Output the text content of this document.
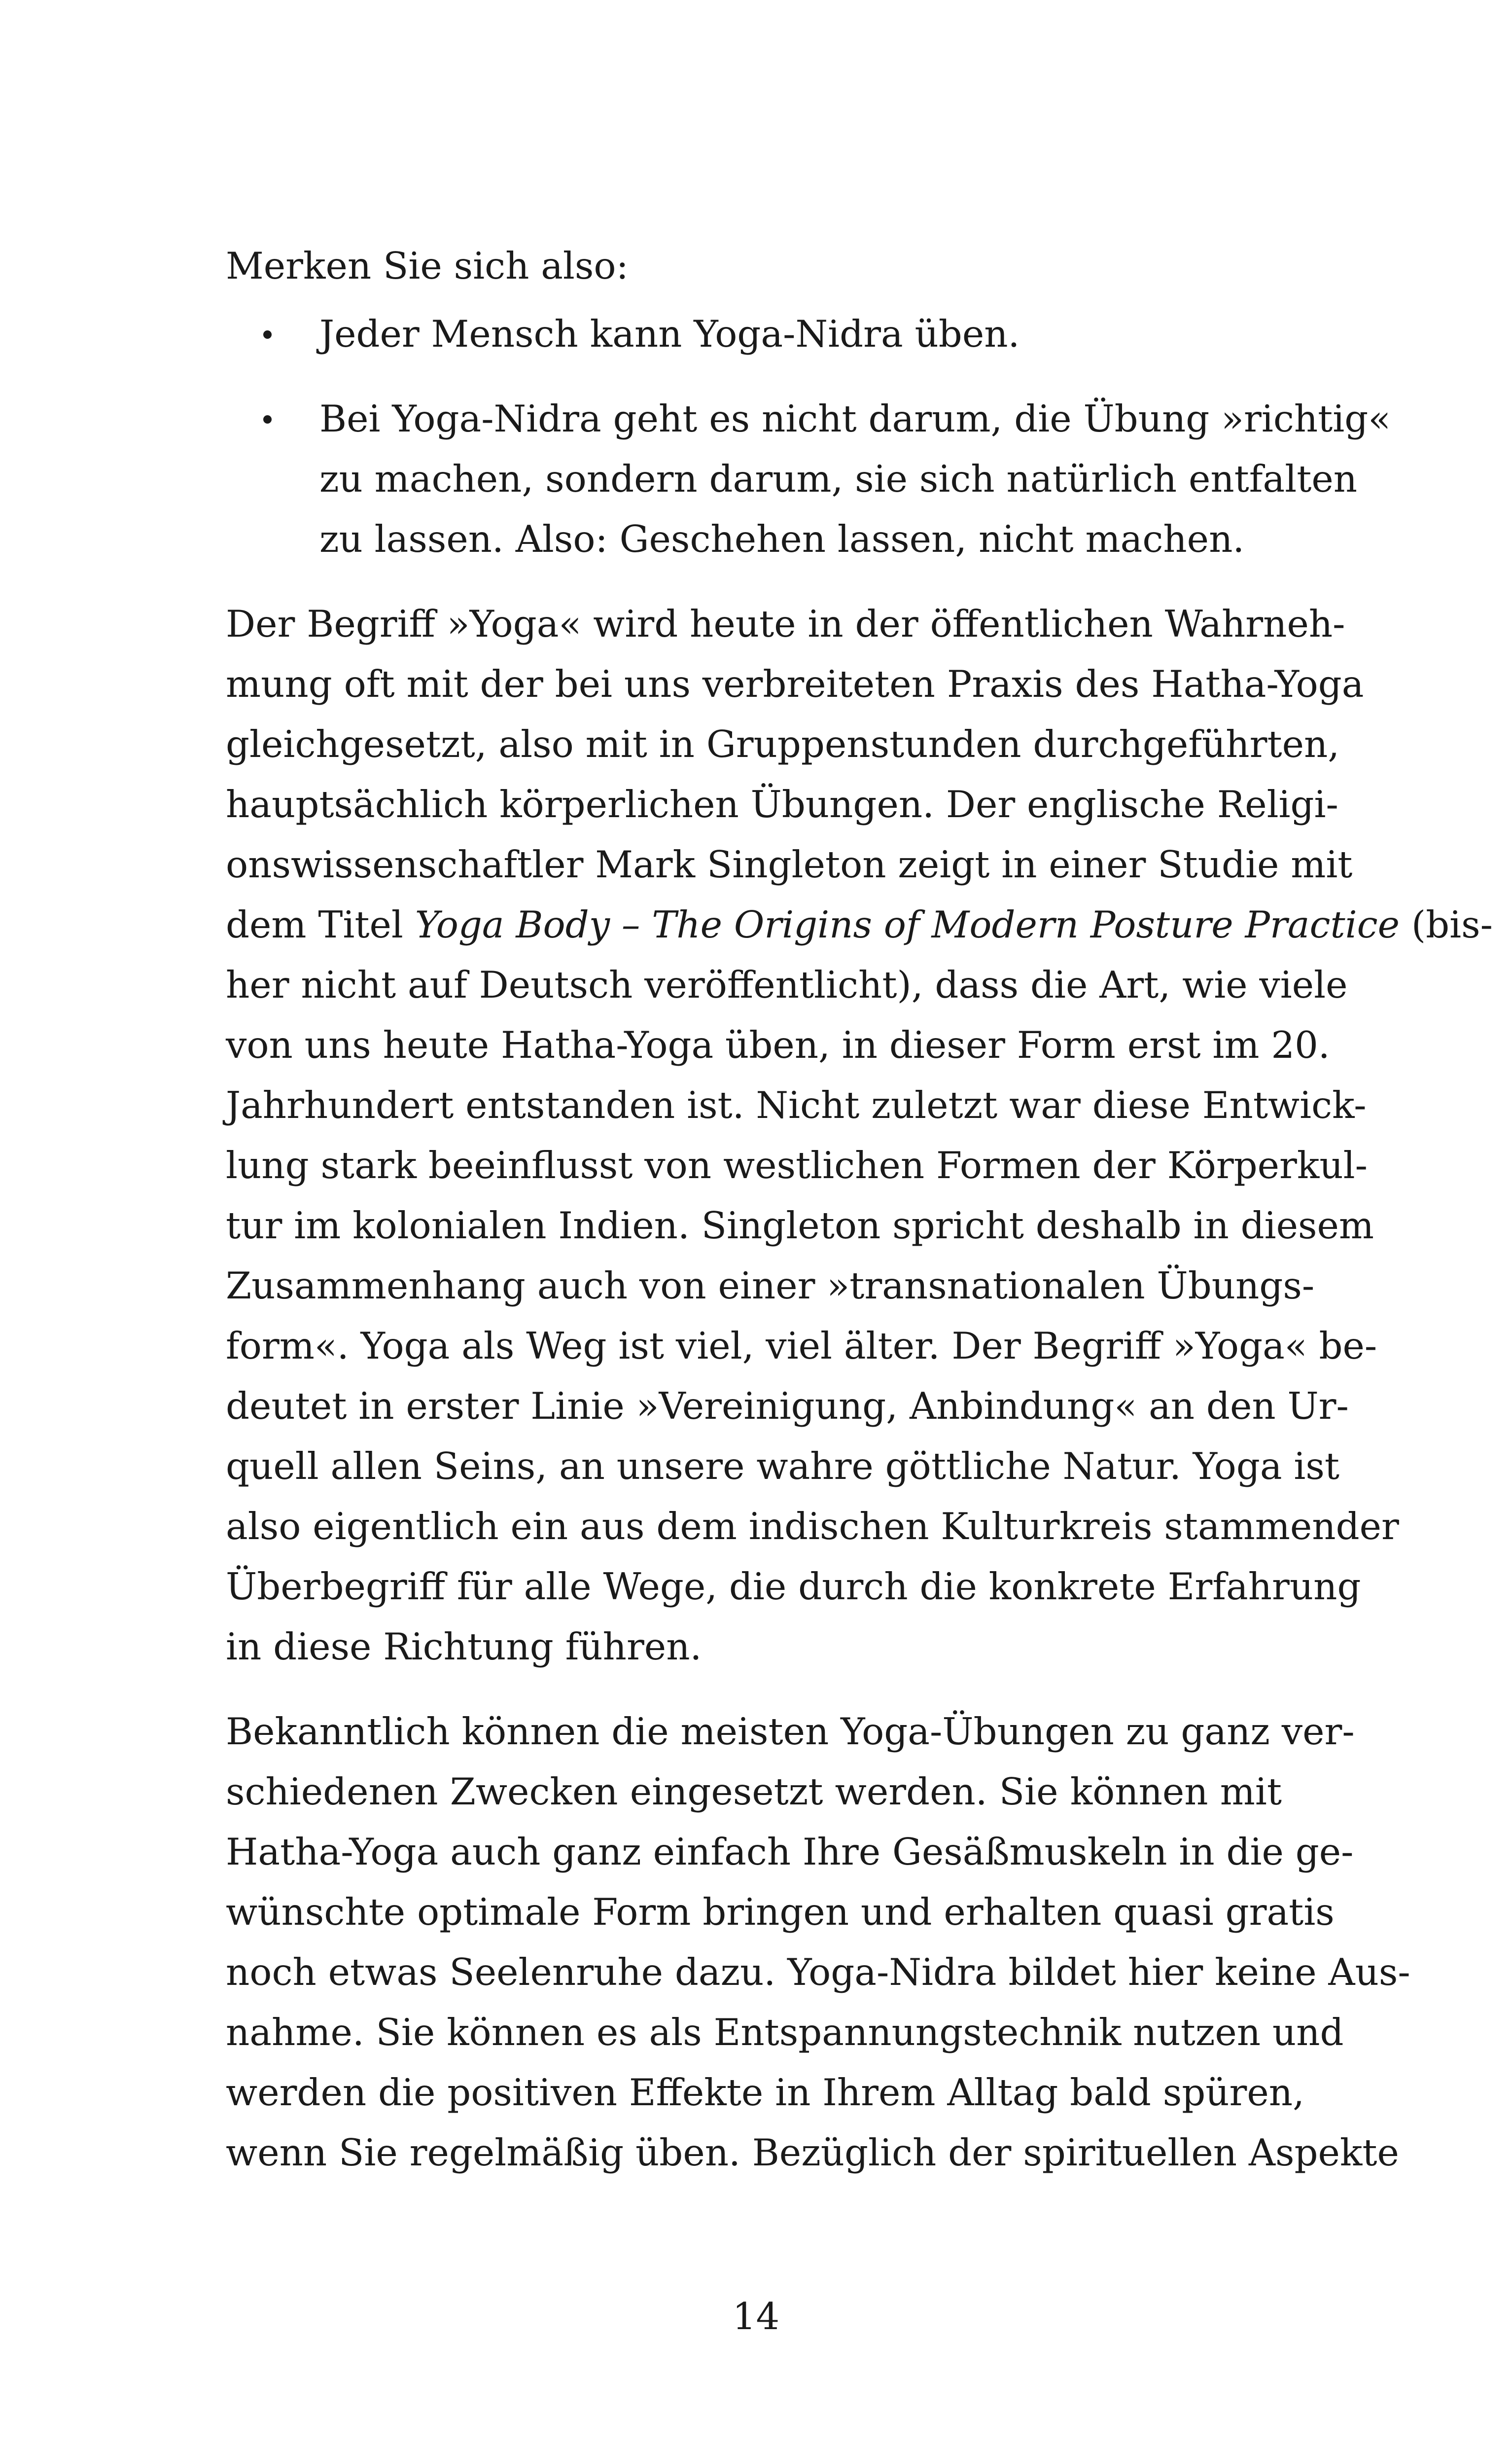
Merken Sie sich also:
Jeder Mensch kann Yoga-Nidra üben.
Bei Yoga-Nidra geht es nicht darum, die Übung »richtig«
zu machen, sondern darum, sie sich natürlich entfalten
zu lassen. Also: Geschehen lassen, nicht machen.
Der Begriff »Yoga« wird heute in der öffentlichen Wahrneh-
mung oft mit der bei uns verbreiteten Praxis des Hatha-Yoga
gleichgesetzt, also mit in Gruppenstunden durchgeführten,
hauptsächlich körperlichen Übungen. Der englische Religi-
onswissenschaftler Mark Singleton zeigt in einer Studie mit
dem Titel Yoga Body – The Origins of Modern Posture Practice (bis-
her nicht auf Deutsch veröffentlicht), dass die Art, wie viele
von uns heute Hatha-Yoga üben, in dieser Form erst im 20.
Jahrhundert entstanden ist. Nicht zuletzt war diese Entwick-
lung stark beeinflusst von westlichen Formen der Körperkul-
tur im kolonialen Indien. Singleton spricht deshalb in diesem
Zusammenhang auch von einer »transnationalen Übungs-
form«. Yoga als Weg ist viel, viel älter. Der Begriff »Yoga« be-
deutet in erster Linie »Vereinigung, Anbindung« an den Ur-
quell allen Seins, an unsere wahre göttliche Natur. Yoga ist
also eigentlich ein aus dem indischen Kulturkreis stammender
Überbegriff für alle Wege, die durch die konkrete Erfahrung
in diese Richtung führen.
Bekanntlich können die meisten Yoga-Übungen zu ganz ver-
schiedenen Zwecken eingesetzt werden. Sie können mit
Hatha-Yoga auch ganz einfach Ihre Gesäßmuskeln in die ge-
wünschte optimale Form bringen und erhalten quasi gratis
noch etwas Seelenruhe dazu. Yoga-Nidra bildet hier keine Aus-
nahme. Sie können es als Entspannungstechnik nutzen und
werden die positiven Effekte in Ihrem Alltag bald spüren,
wenn Sie regelmäßig üben. Bezüglich der spirituellen Aspekte
14
